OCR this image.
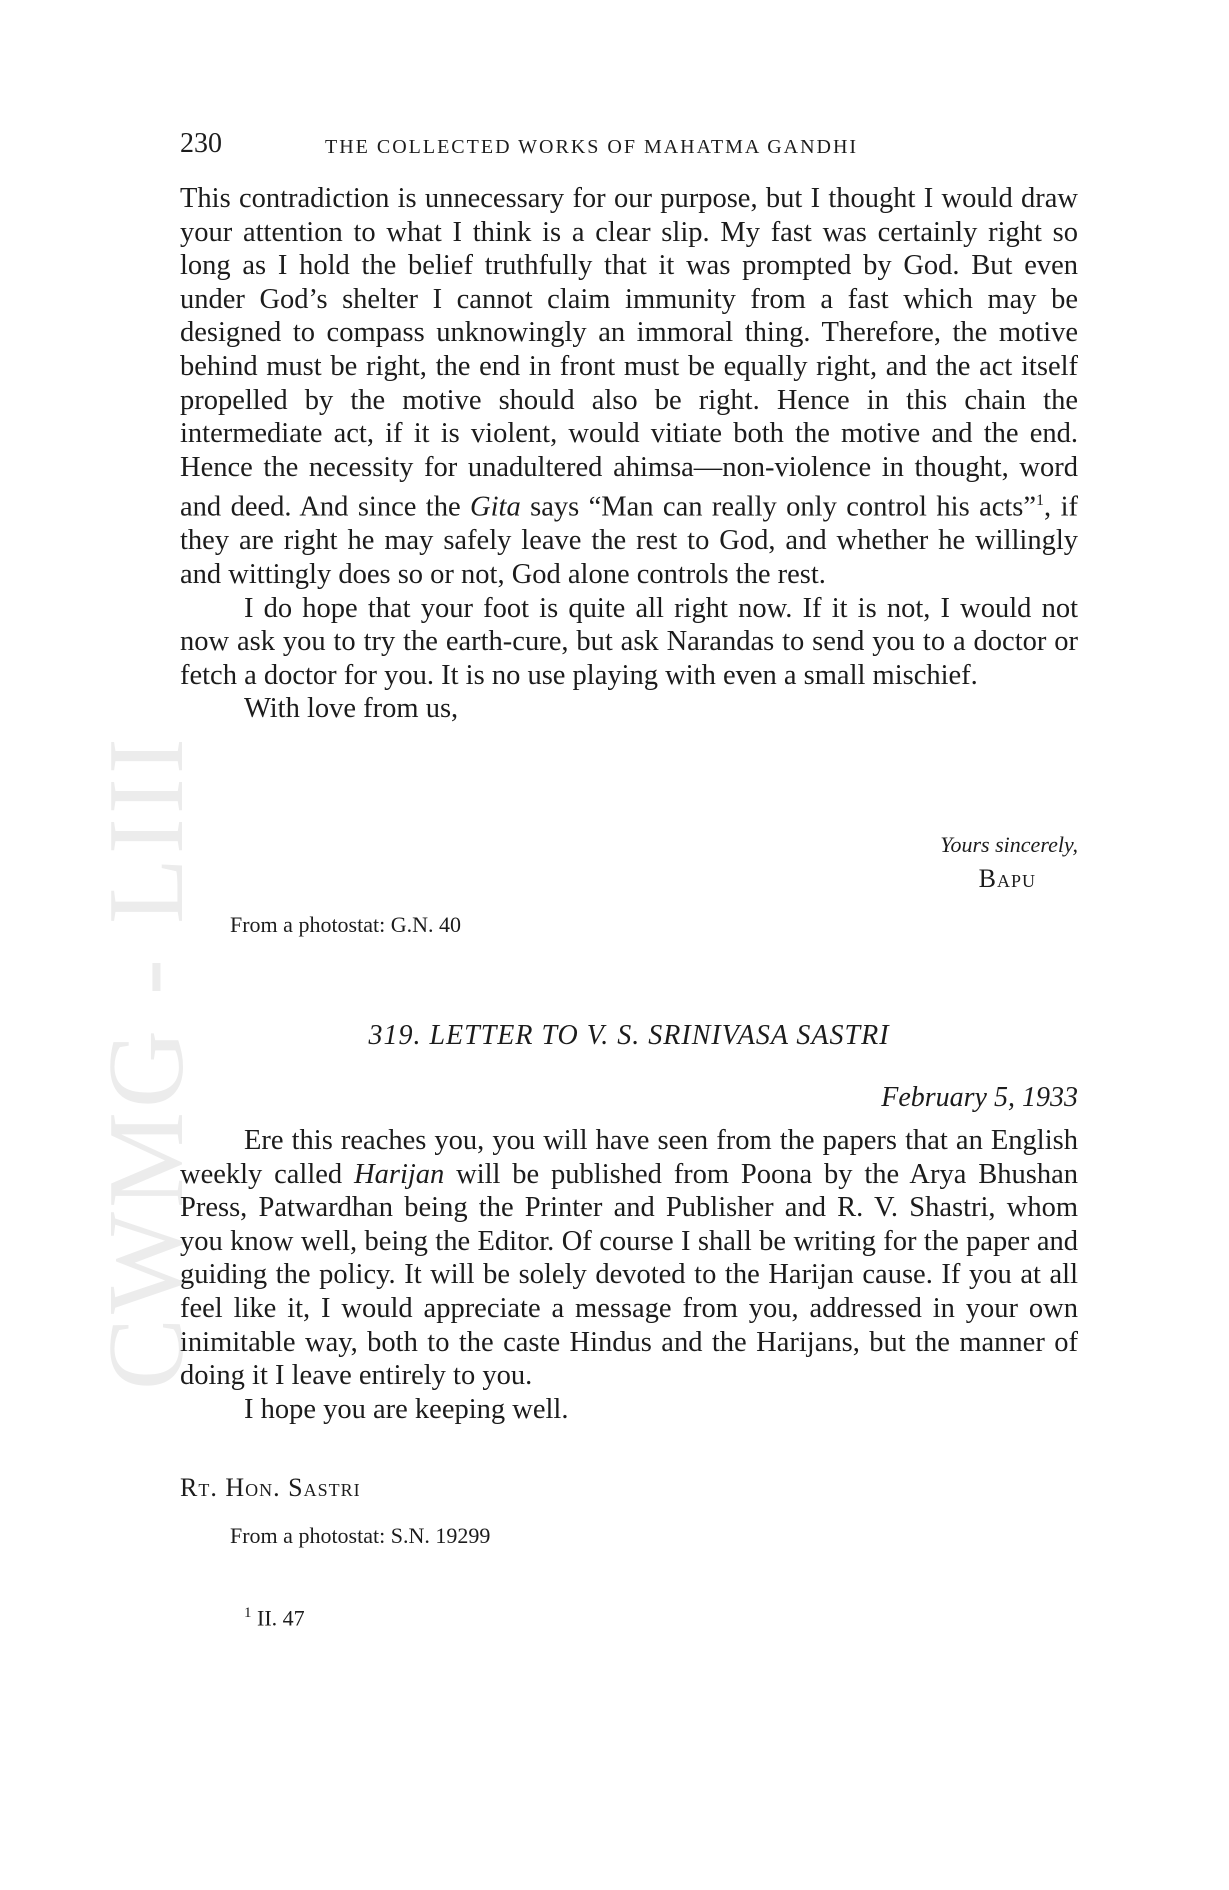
CWMG - LIII
230	THE COLLECTED WORKS OF MAHATMA GANDHI

This contradiction is unnecessary for our purpose, but I thought I would draw your attention to what I think is a clear slip. My fast was certainly right so long as I hold the belief truthfully that it was prompted by God. But even under God’s shelter I cannot claim immunity from a fast which may be designed to compass unknowingly an immoral thing. Therefore, the motive behind must be right, the end in front must be equally right, and the act itself propelled by the motive should also be right. Hence in this chain the intermediate act, if it is violent, would vitiate both the motive and the end. Hence the necessity for unadultered ahimsa—non-violence in thought, word and deed. And since the Gita says “Man can really only control his acts”$^1$, if they are right he may safely leave the rest to God, and whether he willingly and wittingly does so or not, God alone controls the rest.

I do hope that your foot is quite all right now. If it is not, I would not now ask you to try the earth-cure, but ask Narandas to send you to a doctor or fetch a doctor for you. It is no use playing with even a small mischief.

With love from us,

Yours sincerely,
Bapu
From a photostat: G.N. 40
319. LETTER TO V. S. SRINIVASA SASTRI
February 5, 1933

Ere this reaches you, you will have seen from the papers that an English weekly called Harijan will be published from Poona by the Arya Bhushan Press, Patwardhan being the Printer and Publisher and R. V. Shastri, whom you know well, being the Editor. Of course I shall be writing for the paper and guiding the policy. It will be solely devoted to the Harijan cause. If you at all feel like it, I would appreciate a message from you, addressed in your own inimitable way, both to the caste Hindus and the Harijans, but the manner of doing it I leave entirely to you.

I hope you are keeping well.

Rt. Hon. Sastri
From a photostat: S.N. 19299
$^1$ II. 47
